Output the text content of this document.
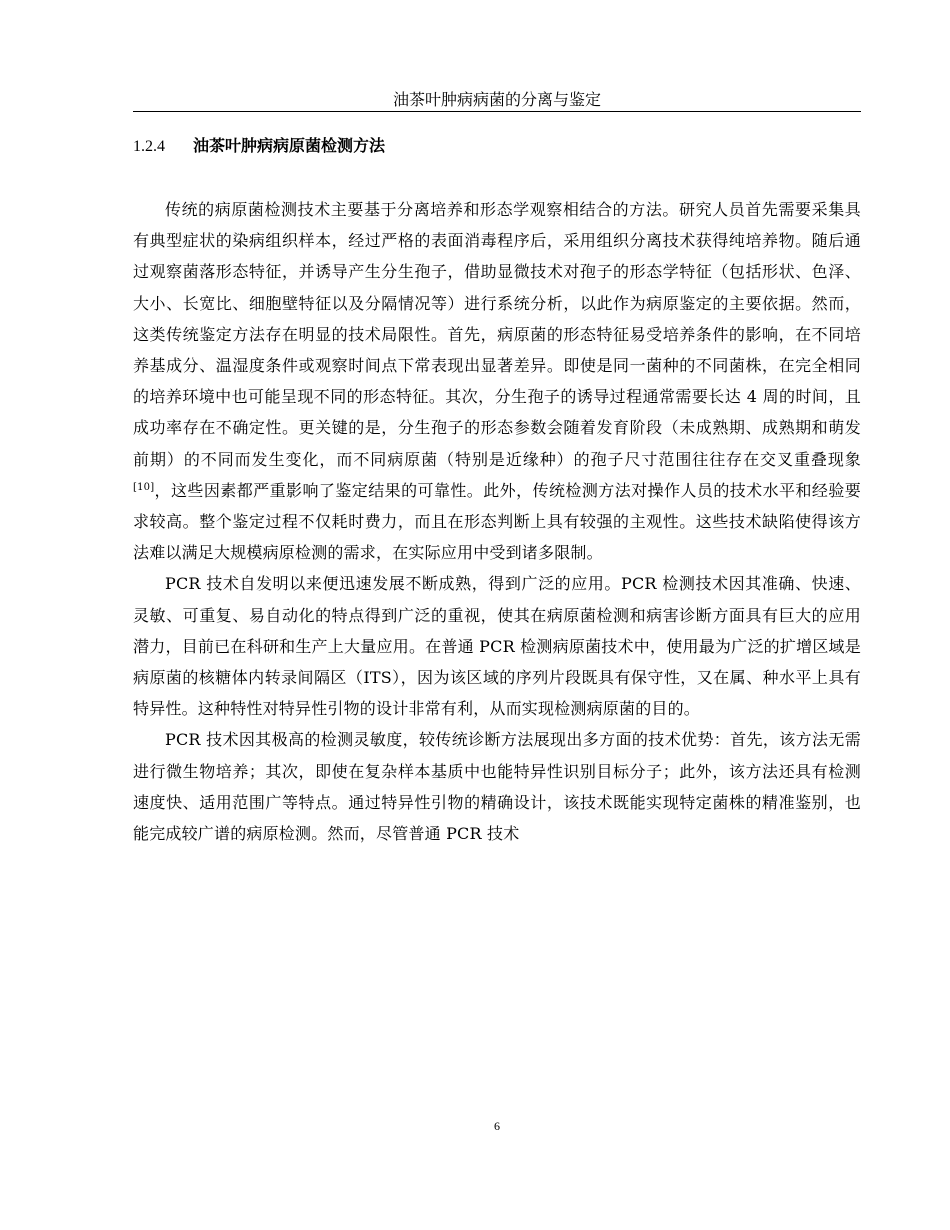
油茶叶肿病病菌的分离与鉴定
1.2.4 油茶叶肿病病原菌检测方法

传统的病原菌检测技术主要基于分离培养和形态学观察相结合的方法。研究人员首先需要采集具有典型症状的染病组织样本，经过严格的表面消毒程序后，采用组织分离技术获得纯培养物。随后通过观察菌落形态特征，并诱导产生分生孢子，借助显微技术对孢子的形态学特征（包括形状、色泽、大小、长宽比、细胞壁特征以及分隔情况等）进行系统分析，以此作为病原鉴定的主要依据。然而，这类传统鉴定方法存在明显的技术局限性。首先，病原菌的形态特征易受培养条件的影响，在不同培养基成分、温湿度条件或观察时间点下常表现出显著差异。即使是同一菌种的不同菌株，在完全相同的培养环境中也可能呈现不同的形态特征。其次，分生孢子的诱导过程通常需要长达 4 周的时间，且成功率存在不确定性。更关键的是，分生孢子的形态参数会随着发育阶段（未成熟期、成熟期和萌发前期）的不同而发生变化，而不同病原菌（特别是近缘种）的孢子尺寸范围往往存在交叉重叠现象[10]，这些因素都严重影响了鉴定结果的可靠性。此外，传统检测方法对操作人员的技术水平和经验要求较高。整个鉴定过程不仅耗时费力，而且在形态判断上具有较强的主观性。这些技术缺陷使得该方法难以满足大规模病原检测的需求，在实际应用中受到诸多限制。

PCR 技术自发明以来便迅速发展不断成熟，得到广泛的应用。PCR 检测技术因其准确、快速、灵敏、可重复、易自动化的特点得到广泛的重视，使其在病原菌检测和病害诊断方面具有巨大的应用潜力，目前已在科研和生产上大量应用。在普通 PCR 检测病原菌技术中，使用最为广泛的扩增区域是病原菌的核糖体内转录间隔区（ITS），因为该区域的序列片段既具有保守性，又在属、种水平上具有特异性。这种特性对特异性引物的设计非常有利，从而实现检测病原菌的目的。

PCR 技术因其极高的检测灵敏度，较传统诊断方法展现出多方面的技术优势：首先，该方法无需进行微生物培养；其次，即使在复杂样本基质中也能特异性识别目标分子；此外，该方法还具有检测速度快、适用范围广等特点。通过特异性引物的精确设计，该技术既能实现特定菌株的精准鉴别，也能完成较广谱的病原检测。然而，尽管普通 PCR 技术

6
